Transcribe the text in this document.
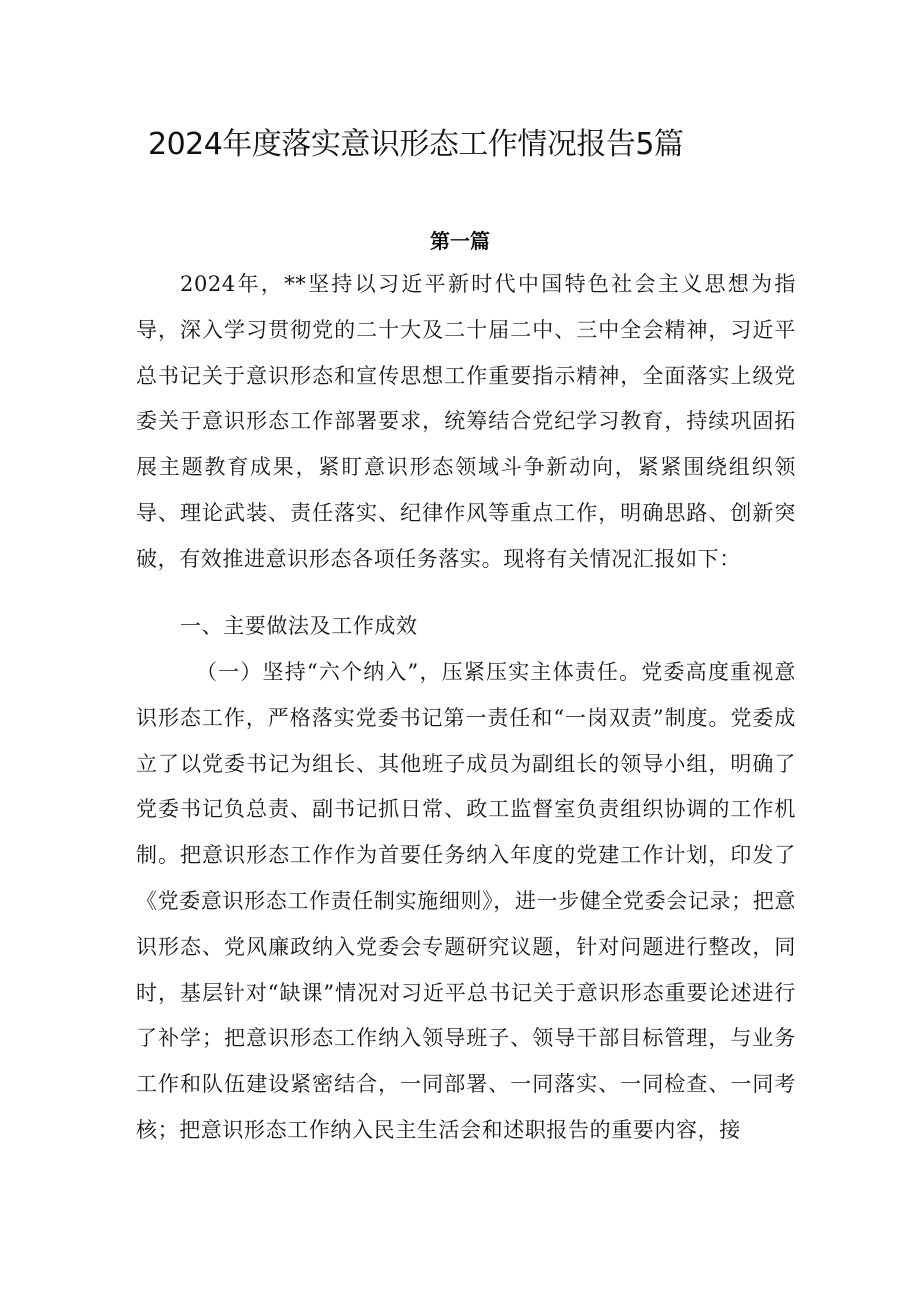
2024年度落实意识形态工作情况报告5篇
第一篇

2024年，**坚持以习近平新时代中国特色社会主义思想为指导，深入学习贯彻党的二十大及二十届二中、三中全会精神，习近平总书记关于意识形态和宣传思想工作重要指示精神，全面落实上级党委关于意识形态工作部署要求，统筹结合党纪学习教育，持续巩固拓展主题教育成果，紧盯意识形态领域斗争新动向，紧紧围绕组织领导、理论武装、责任落实、纪律作风等重点工作，明确思路、创新突破，有效推进意识形态各项任务落实。现将有关情况汇报如下：

一、主要做法及工作成效

（一）坚持“六个纳入”，压紧压实主体责任。党委高度重视意识形态工作，严格落实党委书记第一责任和“一岗双责”制度。党委成立了以党委书记为组长、其他班子成员为副组长的领导小组，明确了党委书记负总责、副书记抓日常、政工监督室负责组织协调的工作机制。把意识形态工作作为首要任务纳入年度的党建工作计划，印发了《党委意识形态工作责任制实施细则》，进一步健全党委会记录；把意识形态、党风廉政纳入党委会专题研究议题，针对问题进行整改，同时，基层针对“缺课”情况对习近平总书记关于意识形态重要论述进行了补学；把意识形态工作纳入领导班子、领导干部目标管理，与业务工作和队伍建设紧密结合，一同部署、一同落实、一同检查、一同考核；把意识形态工作纳入民主生活会和述职报告的重要内容，接
